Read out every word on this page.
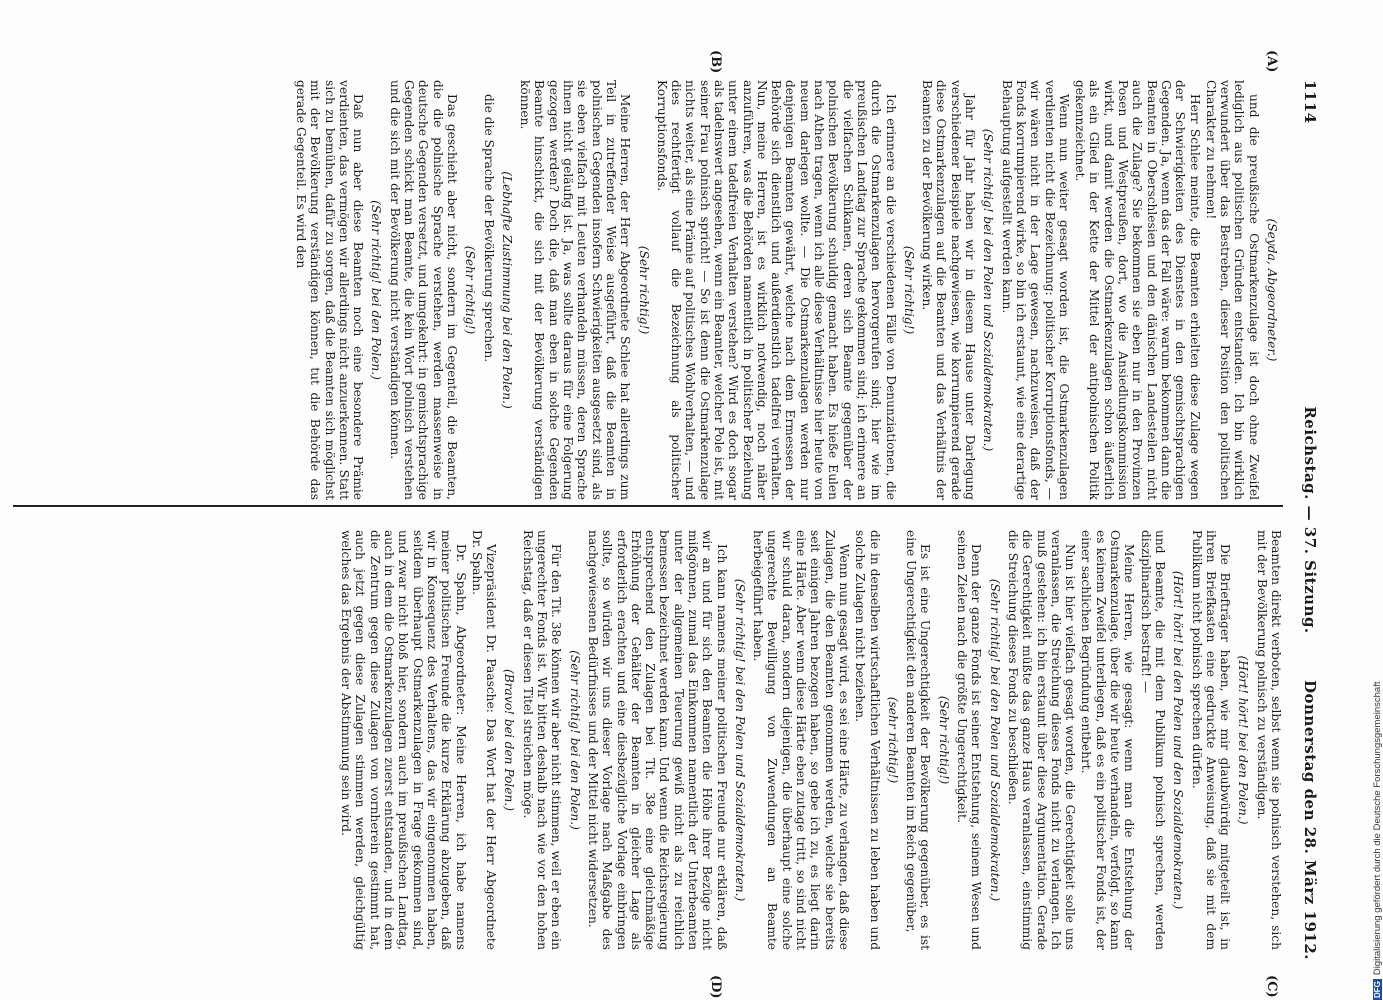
1114
Reichstag. — 37. Sitzung.
Donnerstag den 28. März 1912.
(A)
(B)
(C)
(D)

(Seyda, Abgeordneter.)

und die preußische Ostmarkenzulage ist doch ohne Zweifel lediglich aus politischen Gründen entstanden. Ich bin wirklich verwundert über das Bestreben, dieser Position den politischen Charakter zu nehmen!

Herr Schlee meinte, die Beamten erhielten diese Zulage wegen der Schwierigkeiten des Dienstes in den gemischtsprachigen Gegenden. Ja, wenn das der Fall wäre: warum bekommen dann die Beamten in Oberschlesien und den dänischen Landesteilen nicht auch die Zulage? Sie bekommen sie eben nur in den Provinzen Posen und Westpreußen, dort, wo die Ansiedlungskommission wirkt, und damit werden die Ostmarkenzulagen schon äußerlich als ein Glied in der Kette der Mittel der antipolnischen Politik gekennzeichnet.

Wenn nun weiter gesagt worden ist, die Ostmarkenzulagen verdienten nicht die Bezeichnung: politischer Korruptionsfonds, — wir wären nicht in der Lage gewesen, nachzuweisen, daß der Fonds korrumpierend wirke, so bin ich erstaunt, wie eine derartige Behauptung aufgestellt werden kann.

(Sehr richtig! bei den Polen und Sozialdemokraten.)

Jahr für Jahr haben wir in diesem Hause unter Darlegung verschiedener Beispiele nachgewiesen, wie korrumpierend gerade diese Ostmarkenzulagen auf die Beamten und das Verhältnis der Beamten zu der Bevölkerung wirken.

(Sehr richtig!)

Ich erinnere an die verschiedenen Fälle von Denunziationen, die durch die Ostmarkenzulagen hervorgerufen sind; hier wie im preußischen Landtag zur Sprache gekommen sind; ich erinnere an die vielfachen Schikanen, deren sich Beamte gegenüber der polnischen Bevölkerung schuldig gemacht haben. Es hieße Eulen nach Athen tragen, wenn ich alle diese Verhältnisse hier heute von neuem darlegen wollte. — Die Ostmarkenzulagen werden nur denjenigen Beamten gewährt, welche nach dem Ermessen der Behörde sich dienstlich und außerdienstlich tadelfrei verhalten. Nun, meine Herren, ist es wirklich notwendig, noch näher anzuführen, was die Behörden namentlich in politischer Beziehung unter einem tadelfreien Verhalten verstehen? Wird es doch sogar als tadelnswert angesehen, wenn ein Beamter, welcher Pole ist, mit seiner Frau polnisch spricht! — So ist denn die Ostmarkenzulage nichts weiter, als eine Prämie auf politisches Wohlverhalten, — und dies rechtfertigt vollauf die Bezeichnung als politischer Korruptionsfonds.

(Sehr richtig!)

Meine Herren, der Herr Abgeordnete Schlee hat allerdings zum Teil in zutreffender Weise ausgeführt, daß die Beamten in polnischen Gegenden insofern Schwierigkeiten ausgesetzt sind, als sie eben vielfach mit Leuten verhandeln müssen, deren Sprache ihnen nicht geläufig ist. Ja, was sollte daraus für eine Folgerung gezogen werden? Doch die, daß man eben in solche Gegenden Beamte hinschickt, die sich mit der Bevölkerung verständigen können.

(Lebhafte Zustimmung bei den Polen.)

die die Sprache der Bevölkerung sprechen.

(Sehr richtig!)

Das geschieht aber nicht, sondern im Gegenteil, die Beamten, die die polnische Sprache verstehen, werden massenweise in deutsche Gegenden versetzt, und umgekehrt: in gemischtsprachige Gegenden schickt man Beamte, die kein Wort polnisch verstehen und die sich mit der Bevölkerung nicht verständigen können.

(Sehr richtig! bei den Polen.)

Daß nun aber diese Beamten noch eine besondere Prämie verdienten, das vermögen wir allerdings nicht anzuerkennen. Statt sich zu bemühen, dafür zu sorgen, daß die Beamten sich möglichst mit der Bevölkerung verständigen können, tut die Behörde das gerade Gegenteil. Es wird den

Beamten direkt verboten, selbst wenn sie polnisch verstehen, sich mit der Bevölkerung polnisch zu verständigen.

(Hört! hört! bei den Polen.)

Die Briefträger haben, wie mir glaubwürdig mitgeteilt ist, in ihren Briefkasten eine gedruckte Anweisung, daß sie mit dem Publikum nicht polnisch sprechen dürfen.

(Hört! hört! bei den Polen und den Sozialdemokraten.)

und Beamte, die mit dem Publikum polnisch sprechen, werden disziplinarisch bestraft! —

Meine Herren, wie gesagt: wenn man die Entstehung der Ostmarkenzulage, über die wir heute verhandeln, verfolgt, so kann es keinem Zweifel unterliegen, daß es ein politischer Fonds ist, der einer sachlichen Begründung entbehrt.

Nun ist hier vielfach gesagt worden, die Gerechtigkeit solle uns veranlassen, die Streichung dieses Fonds nicht zu verlangen. Ich muß gestehen: ich bin erstaunt über diese Argumentation. Gerade die Gerechtigkeit müßte das ganze Haus veranlassen, einstimmig die Streichung dieses Fonds zu beschließen.

(Sehr richtig! bei den Polen und Sozialdemokraten.)

Denn der ganze Fonds ist seiner Entstehung, seinem Wesen und seinen Zielen nach die größte Ungerechtigkeit.

(Sehr richtig!)

Es ist eine Ungerechtigkeit der Bevölkerung gegenüber, es ist eine Ungerechtigkeit den anderen Beamten im Reich gegenüber,

(sehr richtig!)

die in denselben wirtschaftlichen Verhältnissen zu leben haben und solche Zulagen nicht beziehen.

Wenn nun gesagt wird, es sei eine Härte, zu verlangen, daß diese Zulagen, die den Beamten genommen werden, welche sie bereits seit einigen Jahren bezogen haben, so gebe ich zu, es liegt darin eine Härte. Aber wenn diese Härte eben zutage tritt, so sind nicht wir schuld daran, sondern diejenigen, die überhaupt eine solche ungerechte Bewilligung von Zuwendungen an Beamte herbeigeführt haben.

(Sehr richtig! bei den Polen und Sozialdemokraten.)

Ich kann namens meiner politischen Freunde nur erklären, daß wir an und für sich den Beamten die Höhe ihrer Bezüge nicht mißgönnen, zumal das Einkommen namentlich der Unterbeamten unter der allgemeinen Teuerung gewiß nicht als zu reichlich bemessen bezeichnet werden kann. Und wenn die Reichsregierung entsprechend den Zulagen bei Tit. 38e eine gleichmäßige Erhöhung der Gehälter der Beamten in gleicher Lage als erforderlich erachten und eine diesbezügliche Vorlage einbringen sollte, so würden wir uns dieser Vorlage nach Maßgabe des nachgewiesenen Bedürfnisses und der Mittel nicht widersetzen.

(Sehr richtig! bei den Polen.)

Für den Tit. 38e können wir aber nicht stimmen, weil er eben ein ungerechter Fonds ist. Wir bitten deshalb nach wie vor den hohen Reichstag, daß er diesen Titel streichen möge.

(Bravo! bei den Polen.)

Vizepräsident Dr. Paasche: Das Wort hat der Herr Abgeordnete Dr. Spahn.

Dr. Spahn, Abgeordneter: Meine Herren, ich habe namens meiner politischen Freunde die kurze Erklärung abzugeben, daß wir in Konsequenz des Verhaltens, das wir eingenommen haben, seitdem überhaupt Ostmarkenzulagen in Frage gekommen sind, und zwar nicht bloß hier, sondern auch im preußischen Landtag, auch in dem die Ostmarkenzulagen zuerst entstanden, und in dem die Zentrum gegen diese Zulagen von vornherein gestimmt hat, auch jetzt gegen diese Zulagen stimmen werden, gleichgültig welches das Ergebnis der Abstimmung sein wird.

DFGDigitalisierung gefördert durch die Deutsche Forschungsgemeinschaft
